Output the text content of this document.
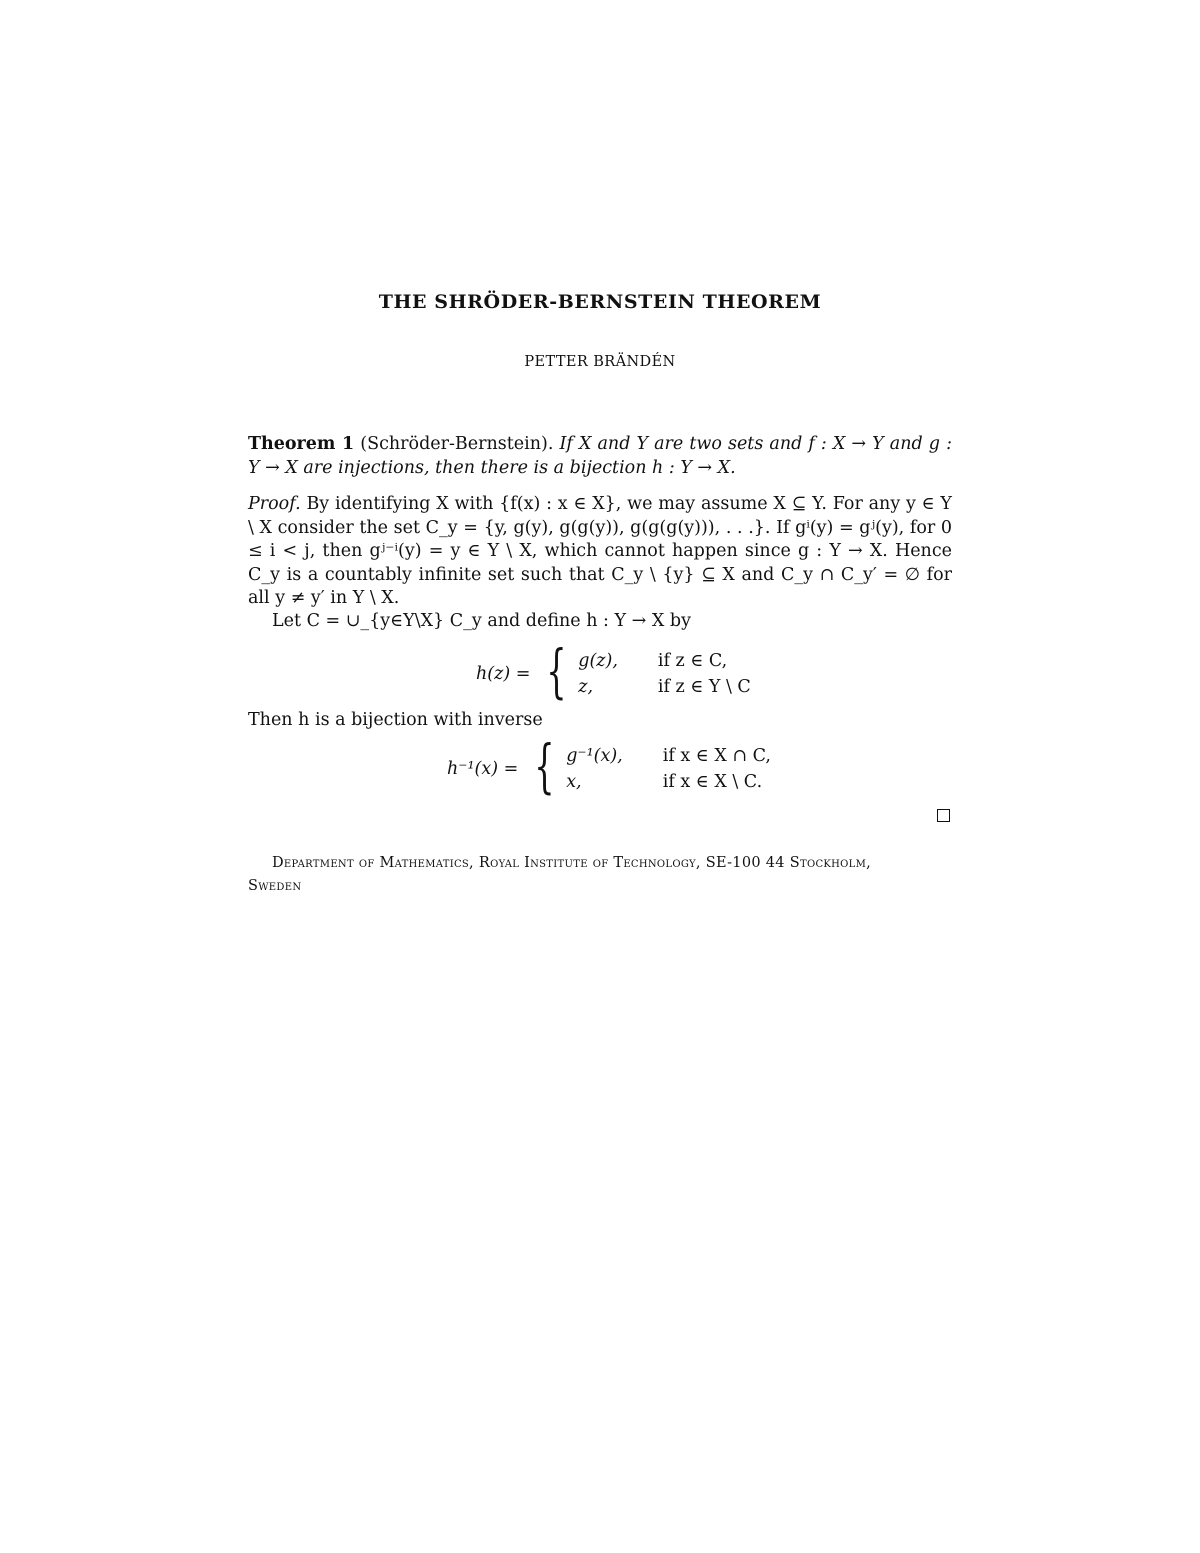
THE SHRÖDER-BERNSTEIN THEOREM
PETTER BRÄNDÉN
Theorem 1 (Schröder-Bernstein). If X and Y are two sets and f : X → Y and g : Y → X are injections, then there is a bijection h : Y → X.
Proof. By identifying X with {f(x) : x ∈ X}, we may assume X ⊆ Y. For any y ∈ Y \ X consider the set C_y = {y, g(y), g(g(y)), g(g(g(y))), . . .}. If gⁱ(y) = gʲ(y), for 0 ≤ i < j, then gʲ⁻ⁱ(y) = y ∈ Y \ X, which cannot happen since g : Y → X. Hence C_y is a countably infinite set such that C_y \ {y} ⊆ X and C_y ∩ C_y′ = ∅ for all y ≠ y′ in Y \ X.
Let C = ∪_{y∈Y\X} C_y and define h : Y → X by
h(z) = { g(z), if z ∈ C,
z,	if z ∈ Y \ C
Then h is a bijection with inverse
h⁻¹(x) = { g⁻¹(x), if x ∈ X ∩ C,
x,	if x ∈ X \ C.
Department of Mathematics, Royal Institute of Technology, SE-100 44 Stockholm,
Sweden
